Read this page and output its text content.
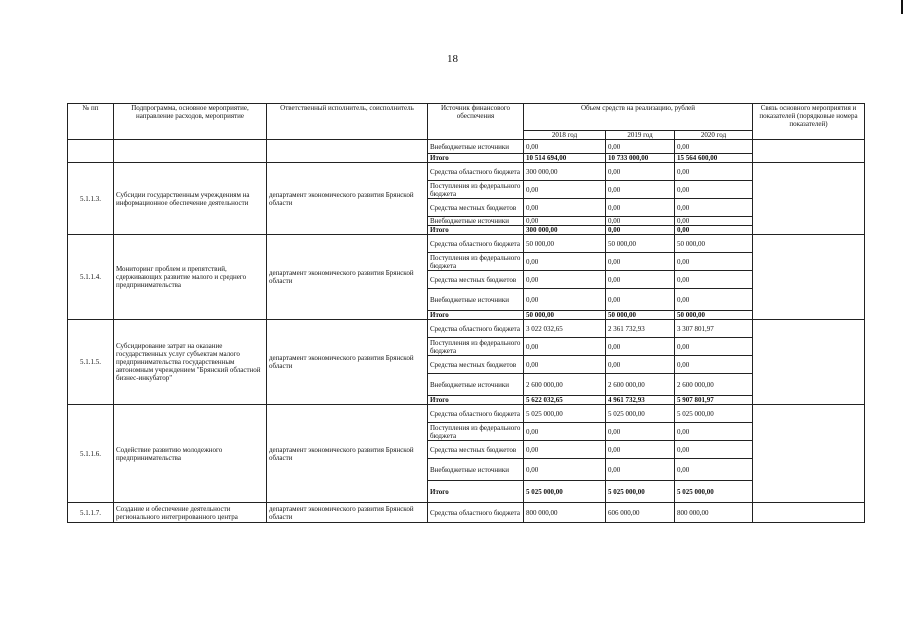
18
№ пп	Подпрограмма, основное мероприятие, направление расходов, мероприятие	Ответственный исполнитель, соисполнитель	Источник финансового обеспечения	Объем средств на реализацию, рублей			Связь основного мероприятия и показателей (порядковые номера показателей)
				2018 год	2019 год	2020 год	
			Внебюджетные источники	0,00	0,00	0,00	
			Итого	10 514 694,00	10 733 000,00	15 564 600,00	
5.1.1.3.	Субсидии государственным учреждениям на информационное обеспечение деятельности	департамент экономического развития Брянской области	Средства областного бюджета	300 000,00	0,00	0,00	
			Поступления из федерального бюджета	0,00	0,00	0,00	
			Средства местных бюджетов	0,00	0,00	0,00	
			Внебюджетные источники	0,00	0,00	0,00	
			Итого	300 000,00	0,00	0,00	
5.1.1.4.	Мониторинг проблем и препятствий, сдерживающих развитие малого и среднего предпринимательства	департамент экономического развития Брянской области	Средства областного бюджета	50 000,00	50 000,00	50 000,00	
			Поступления из федерального бюджета	0,00	0,00	0,00	
			Средства местных бюджетов	0,00	0,00	0,00	
			Внебюджетные источники	0,00	0,00	0,00	
			Итого	50 000,00	50 000,00	50 000,00	
5.1.1.5.	Субсидирование затрат на оказание государственных услуг субъектам малого предпринимательства государственным автономным учреждением "Брянский областной бизнес-инкубатор"	департамент экономического развития Брянской области	Средства областного бюджета	3 022 032,65	2 361 732,93	3 307 801,97	
			Поступления из федерального бюджета	0,00	0,00	0,00	
			Средства местных бюджетов	0,00	0,00	0,00	
			Внебюджетные источники	2 600 000,00	2 600 000,00	2 600 000,00	
			Итого	5 622 032,65	4 961 732,93	5 907 801,97	
5.1.1.6.	Содействие развитию молодежного предпринимательства	департамент экономического развития Брянской области	Средства областного бюджета	5 025 000,00	5 025 000,00	5 025 000,00	
			Поступления из федерального бюджета	0,00	0,00	0,00	
			Средства местных бюджетов	0,00	0,00	0,00	
			Внебюджетные источники	0,00	0,00	0,00	
			Итого	5 025 000,00	5 025 000,00	5 025 000,00	
5.1.1.7.	Создание и обеспечение деятельности регионального интегрированного центра	департамент экономического развития Брянской области	Средства областного бюджета	800 000,00	606 000,00	800 000,00	
